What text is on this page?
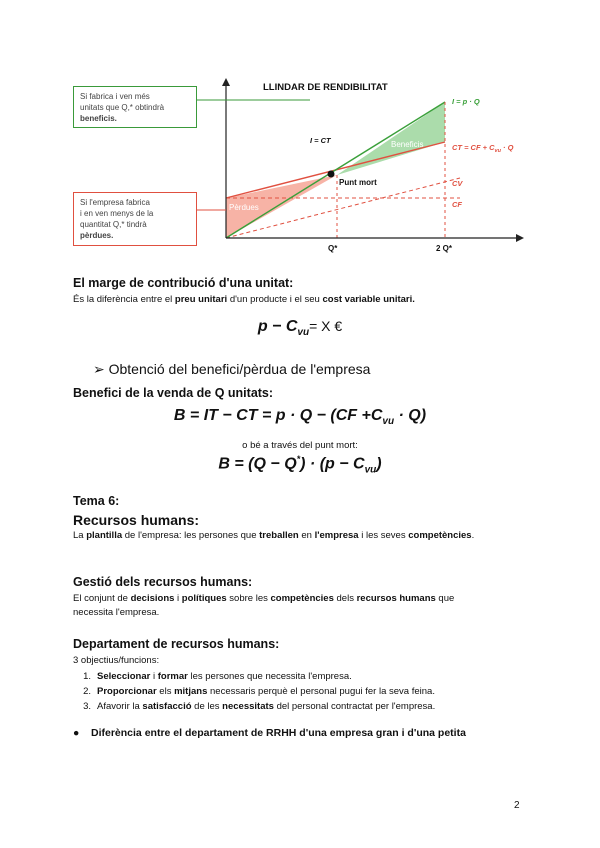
LLINDAR DE RENDIBILITAT
I = p · Q
CT = CF + $C_{vu} \cdot Q$
CV
CF
I = CT
Punt mort
Beneficis
Pèrdues
Q*	2 Q*
Si fabrica i ven més
unitats que Q,* obtindrà
beneficis.
Si l'empresa fabrica
i en ven menys de la
quantitat Q,* tindrà
pèrdues.
El marge de contribució d'una unitat:
És la diferència entre el preu unitari d'un producte i el seu cost variable unitari.
$p - C_{vu}= X$ €
➢ Obtenció del benefici/pèrdua de l'empresa
Benefici de la venda de Q unitats:
B = IT − CT = $p \cdot Q - (CF +C_{vu} \cdot Q)$
o bé a través del punt mort:
$B = (Q - Q^*) \cdot (p - C_{vu})$
Tema 6:
Recursos humans:
La plantilla de l'empresa: les persones que treballen en l'empresa i les seves competències.
Gestió dels recursos humans:
El conjunt de decisions i polítiques sobre les competències dels recursos humans que
necessita l'empresa.
Departament de recursos humans:
3 objectius/funcions:
1. Seleccionar i formar les persones que necessita l'empresa.
2. Proporcionar els mitjans necessaris perquè el personal pugui fer la seva feina.
3. Afavorir la satisfacció de les necessitats del personal contractat per l'empresa.
● Diferència entre el departament de RRHH d'una empresa gran i d'una petita
2
